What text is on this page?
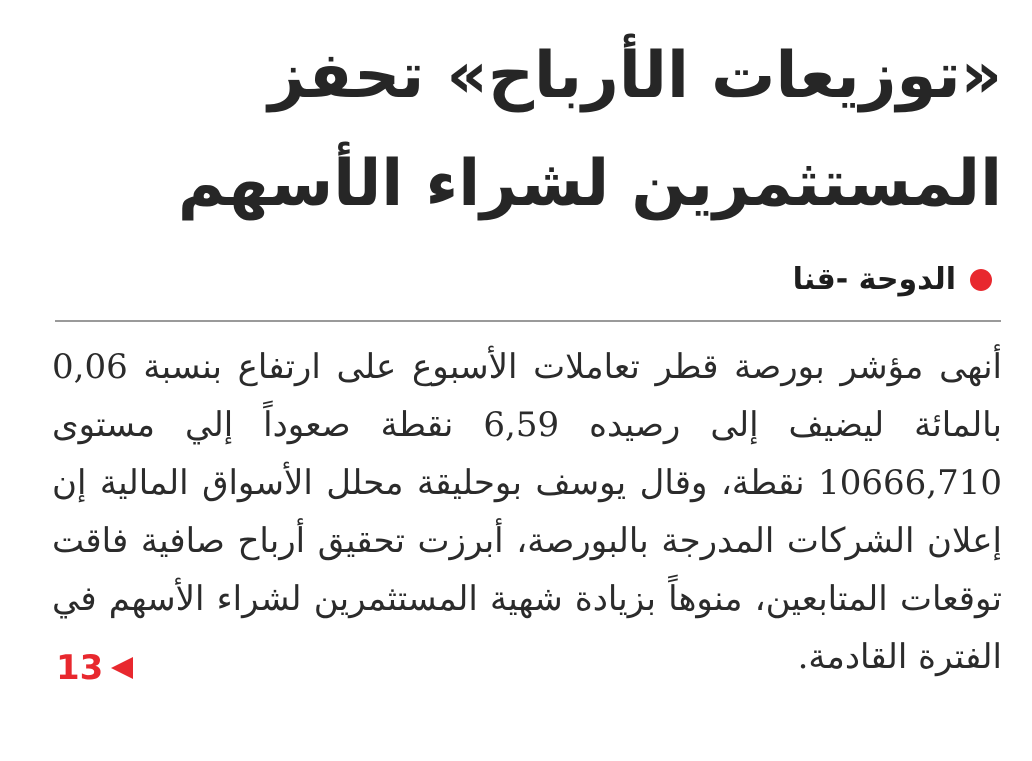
«توزيعات الأرباح» تحفز المستثمرين لشراء الأسهم
الدوحة -قنا

أنهى مؤشر بورصة قطر تعاملات الأسبوع على ارتفاع بنسبة 0,06 بالمائة ليضيف إلى رصيده 6,59 نقطة صعوداً إلي مستوى 10666,710 نقطة، وقال يوسف بوحليقة محلل الأسواق المالية إن إعلان الشركات المدرجة بالبورصة، أبرزت تحقيق أرباح صافية فاقت توقعات المتابعين، منوهاً بزيادة شهية المستثمرين لشراء الأسهم في الفترة القادمة.

13
